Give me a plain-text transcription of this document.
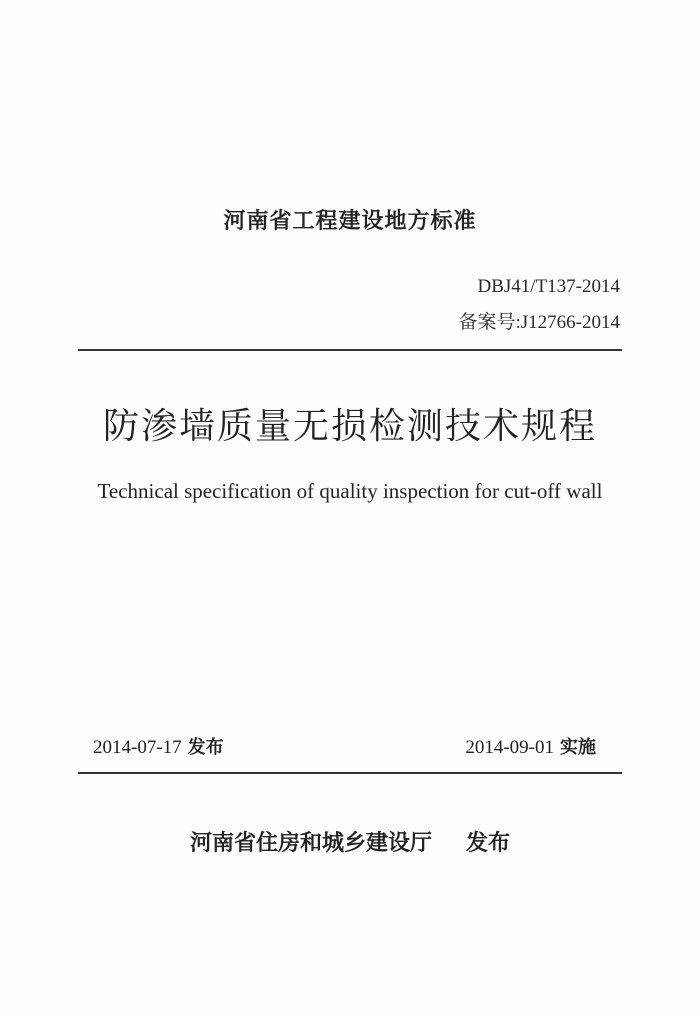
河南省工程建设地方标准
DBJ41/T137-2014
备案号:J12766-2014
防渗墙质量无损检测技术规程
Technical specification of quality inspection for cut-off wall
2014-07-17 发布	2014-09-01 实施
河南省住房和城乡建设厅 发布
